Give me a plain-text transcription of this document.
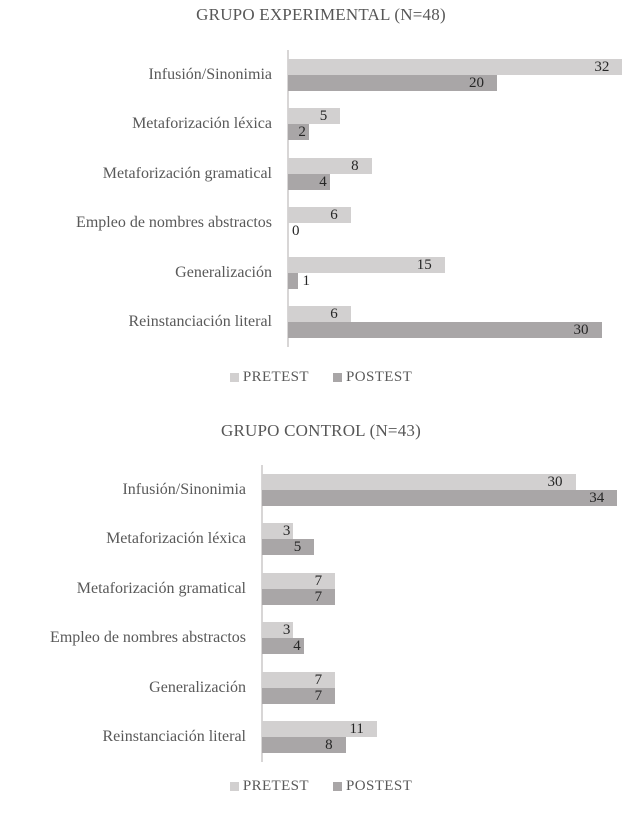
GRUPO EXPERIMENTAL (N=48)
Infusión/Sinonimia	32
20
Metaforización léxica	5
2
Metaforización gramatical	8
4
Empleo de nombres abstractos	6
0
Generalización	15
1
Reinstanciación literal	6
30
PRETEST POSTEST
GRUPO CONTROL (N=43)
Infusión/Sinonimia	30
34
Metaforización léxica	3
5
Metaforización gramatical	7
7
Empleo de nombres abstractos	3
4
Generalización	7
7
Reinstanciación literal	11
8
PRETEST POSTEST
